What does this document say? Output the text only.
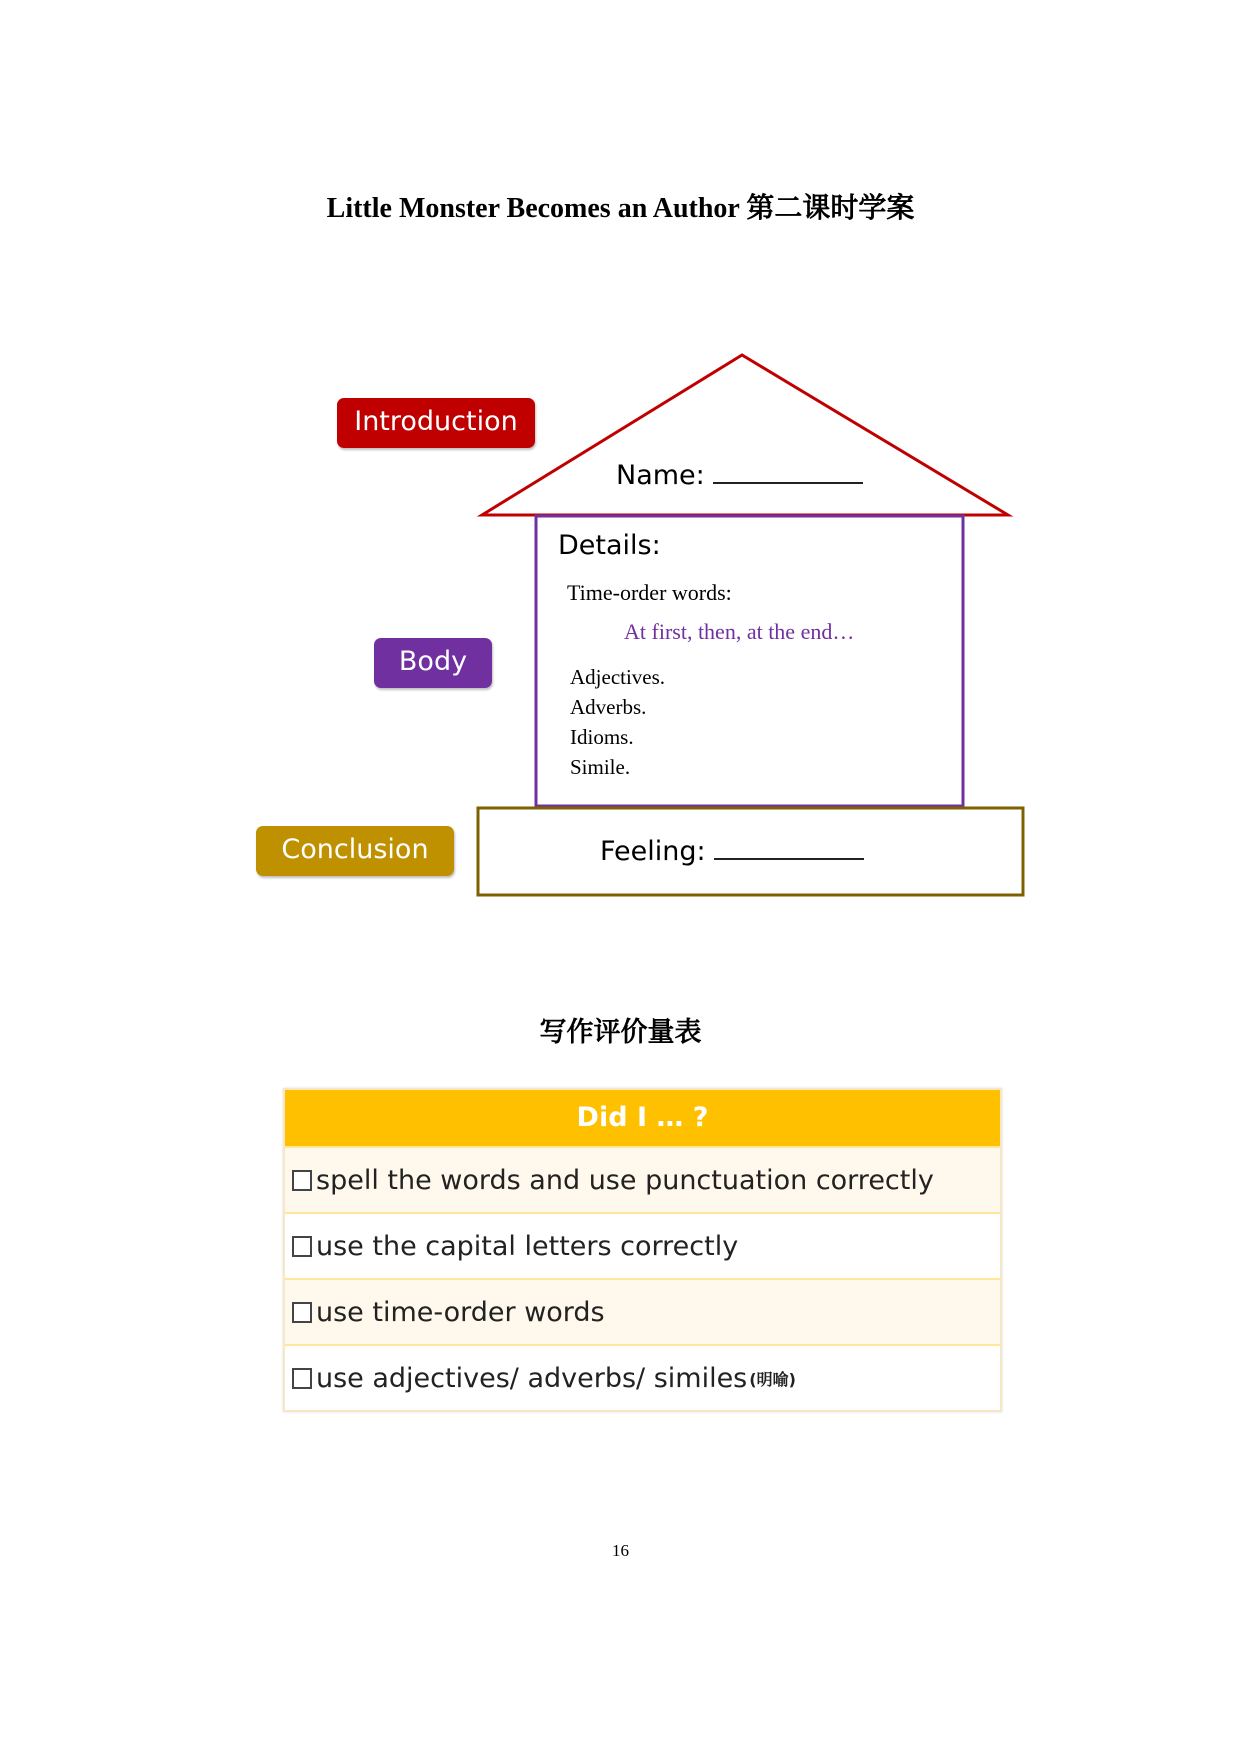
Little Monster Becomes an Author 第二课时学案
Introduction
Body
Conclusion
Name:
Details:
Time-order words:
At first, then, at the end…
Adjectives.
Adverbs.
Idioms.
Simile.
Feeling:
写作评价量表
Did I … ?
spell the words and use punctuation correctly
use the capital letters correctly
use time-order words
use adjectives/ adverbs/ similes (明喻)
16
